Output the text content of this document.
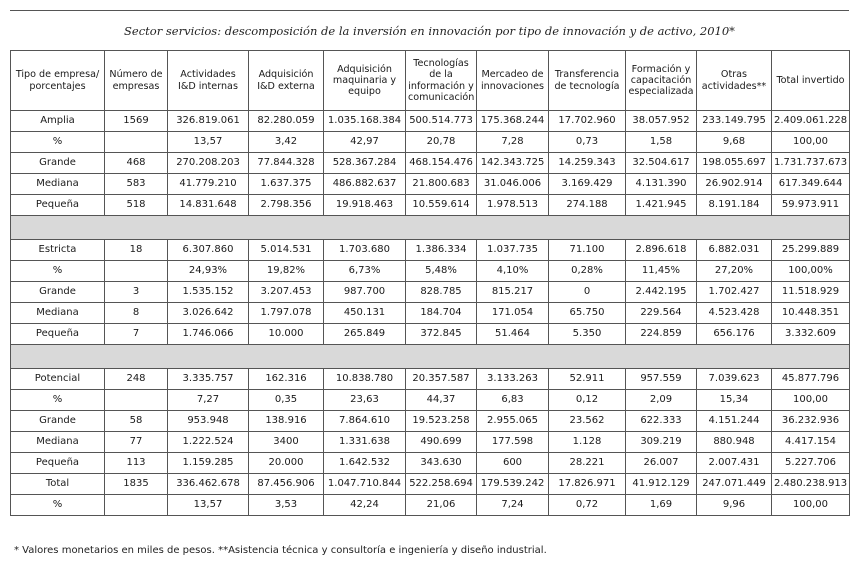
Sector servicios: descomposición de la inversión en innovación por tipo de innovación y de activo, 2010*
Tipo de empresa/ porcentajes	Número de empresas	Actividades I&D internas	Adquisición I&D externa	Adquisición maquinaria y equipo	Tecnologías de la información y comunicación	Mercadeo de innovaciones	Transferencia de tecnología	Formación y capacitación especializada	Otras actividades**	Total invertido
Amplia	1569	326.819.061	82.280.059	1.035.168.384	500.514.773	175.368.244	17.702.960	38.057.952	233.149.795	2.409.061.228
%		13,57	3,42	42,97	20,78	7,28	0,73	1,58	9,68	100,00
Grande	468	270.208.203	77.844.328	528.367.284	468.154.476	142.343.725	14.259.343	32.504.617	198.055.697	1.731.737.673
Mediana	583	41.779.210	1.637.375	486.882.637	21.800.683	31.046.006	3.169.429	4.131.390	26.902.914	617.349.644
Pequeña	518	14.831.648	2.798.356	19.918.463	10.559.614	1.978.513	274.188	1.421.945	8.191.184	59.973.911

Estricta	18	6.307.860	5.014.531	1.703.680	1.386.334	1.037.735	71.100	2.896.618	6.882.031	25.299.889
%		24,93%	19,82%	6,73%	5,48%	4,10%	0,28%	11,45%	27,20%	100,00%
Grande	3	1.535.152	3.207.453	987.700	828.785	815.217	0	2.442.195	1.702.427	11.518.929
Mediana	8	3.026.642	1.797.078	450.131	184.704	171.054	65.750	229.564	4.523.428	10.448.351
Pequeña	7	1.746.066	10.000	265.849	372.845	51.464	5.350	224.859	656.176	3.332.609

Potencial	248	3.335.757	162.316	10.838.780	20.357.587	3.133.263	52.911	957.559	7.039.623	45.877.796
%		7,27	0,35	23,63	44,37	6,83	0,12	2,09	15,34	100,00
Grande	58	953.948	138.916	7.864.610	19.523.258	2.955.065	23.562	622.333	4.151.244	36.232.936
Mediana	77	1.222.524	3400	1.331.638	490.699	177.598	1.128	309.219	880.948	4.417.154
Pequeña	113	1.159.285	20.000	1.642.532	343.630	600	28.221	26.007	2.007.431	5.227.706
Total	1835	336.462.678	87.456.906	1.047.710.844	522.258.694	179.539.242	17.826.971	41.912.129	247.071.449	2.480.238.913
%		13,57	3,53	42,24	21,06	7,24	0,72	1,69	9,96	100,00
* Valores monetarios en miles de pesos. **Asistencia técnica y consultoría e ingeniería y diseño industrial.
